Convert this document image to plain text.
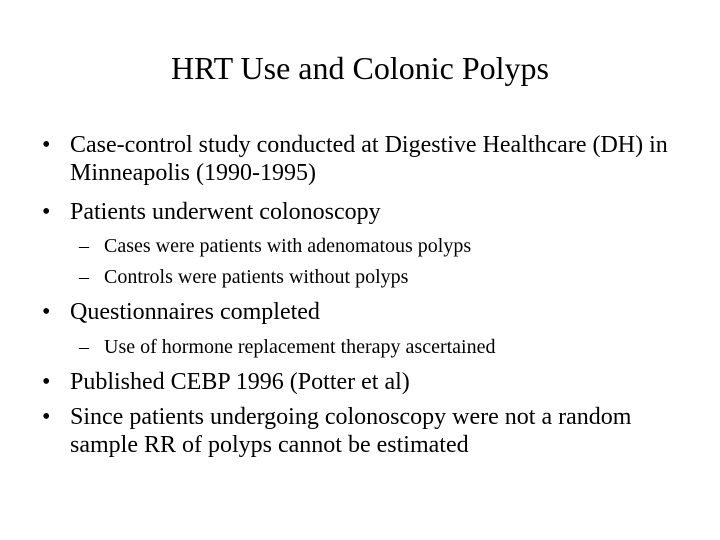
HRT Use and Colonic Polyps
• Case-control study conducted at Digestive Healthcare (DH) in Minneapolis (1990-1995)
• Patients underwent colonoscopy
– Cases were patients with adenomatous polyps
– Controls were patients without polyps
• Questionnaires completed
– Use of hormone replacement therapy ascertained
• Published CEBP 1996 (Potter et al)
• Since patients undergoing colonoscopy were not a random sample RR of polyps cannot be estimated
